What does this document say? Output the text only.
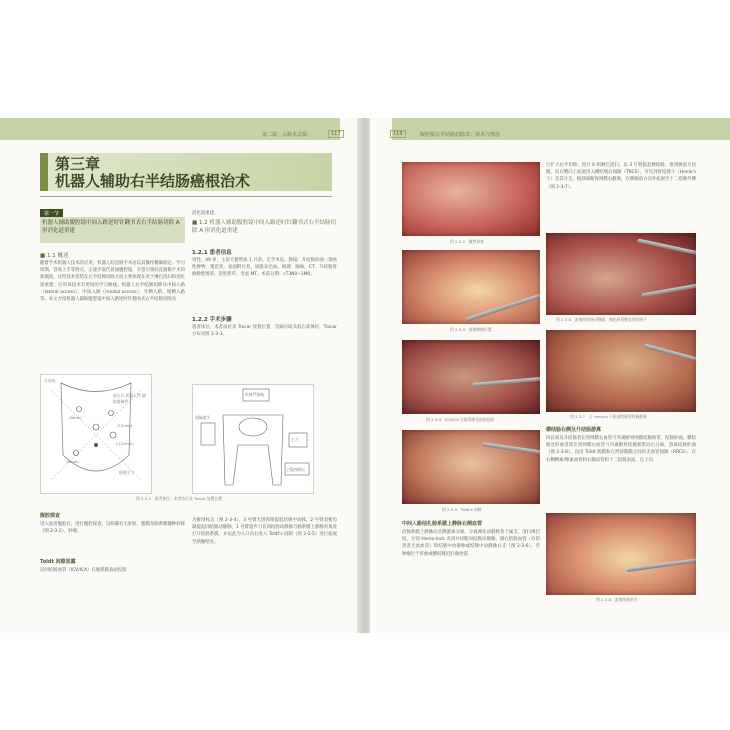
第二篇　入路术式篇	117
第三章
机器人辅助右半结肠癌根治术
第一节
机器人辅助腹腔镜中间入路逆时针翻书式右半结肠切除 A 形消化道重建
■ 1.1 概述
随着手术机器人技术的应用，机器人结直肠手术由以其操作精确稳定、学习周期、容易上手等特点，正逐步取代普通腹腔镜，有望引领结直肠微手术的新潮流。这些技术优势在右半结肠切除方面主要体现在对于淋巴清扫和消化道重建，应用该技术有更短的学习曲线。机器人右半结肠切除从中间入路（lateral access）、中间入路（medial access）、头侧入路、尾侧入路等。本文介绍机器人辅助腹腔镜中间入路逆时针翻书式右半结肠切除及
方向向
视右式 机器人臂 辅助器械臂
助理主刀
(8mm)
(8mm)
(12mm)
C(12mm)
机械臂器械
器械助手
主刀
主操控制台
图 2-3-1　患者体位、术者站位及 Trocar 放置位置
腹腔探查
进入患者腹腔后，进行腹腔探查，以明确有无肝脏、腹膜及肠系膜播种转移（图 2-3-2），肿瘤。
Toldt 间隙显露
以回结肠血管（ICV/ICA）在肠系膜表面投影
消化道重建。
■ 1.2 机器人辅助腹腔镜中间入路逆时针翻书式右半结肠切除 A 形消化道重建
1.2.1 患者信息
男性，49 岁，主诉大便带血 1 月余。无手术史。肠镜：升结肠肝曲一溃疡性肿物，菜花状，表面附污苔，质脆易出血。病理：腺癌。CT：升结肠肝曲肠壁增厚，管腔狭窄，考虑 MT。术前分期：cT3N0~1M0。
1.2.2 手术步骤
患者体位、术者站位及 Trocar 放置位置　全麻后取头低右高体位，Trocar 分布见图 2-3-1。
为解剖标志（图 2-3-4），3 号臂无创抓钳提起结肠中动脉，2 号臂双极电凝提起回结肠动静脉，1 号臂超声刀在回结肠动静脉与肠系膜上静脉夹角处打开结肠系膜，并以此为入口向右进入 Toldt's 间隙（图 2-3-5）进行拓展至胰腺壁处。
118	腹腔镜右半结肠切除术：技术与理念
图 2-3-2　腹腔探查
图 2-3-3　肠壁肿瘤位置
图 2-3-4　ICV/ICA 在肠系膜表面的投影
图 2-3-5　Toldt's 间隙
中间入路结扎肠系膜上静脉右侧血管
沿肠系膜上静脉向头侧游离分离，分离裸化动静脉各个属支，清扫淋巴结，分别 Hemo-lock 夹闭并切断回结肠动静脉，副右结肠血管（有的患者无此血管）和结肠中动静脉或结肠中动静脉右支（图 2-3-6）。若肿瘤位于肝曲或横结肠近肝曲处需
行扩大右半切除，进行 6 组淋巴清扫。以 3 号臂提起横结肠，推到胰前方包膜，向右侧向上拓展进入横结肠后间隙（TRCS），可见到胃结肠干（Henle's 干）及其分支，根部离断胃网膜右静脉，在胰腺前方向外拓展至十二指肠外侧（图 2-3-7）。
图 2-3-6　游离回结肠动静脉，裸化肠系膜及胃结肠干
图 2-3-7　右 Henle's 干根部剪断胃结肠静脉
横结肠右侧及升结肠游离
回盲部及升结肠者在胃网膜右血管弓外离断胃网膜结肠韧带，结肠肝曲，横结肠近肝曲者需在胃网膜右血管弓内离断胃结肠韧带向右分离，游离结肠肝曲（图 2-3-8）。再沿 Toldt 筋膜和右肾前筋膜之间的无血管间隙（RRCS），在右侧精索/卵巢血管和右输尿管和十二指肠表面，自上向
图 2-3-8　游离结肠肝区
